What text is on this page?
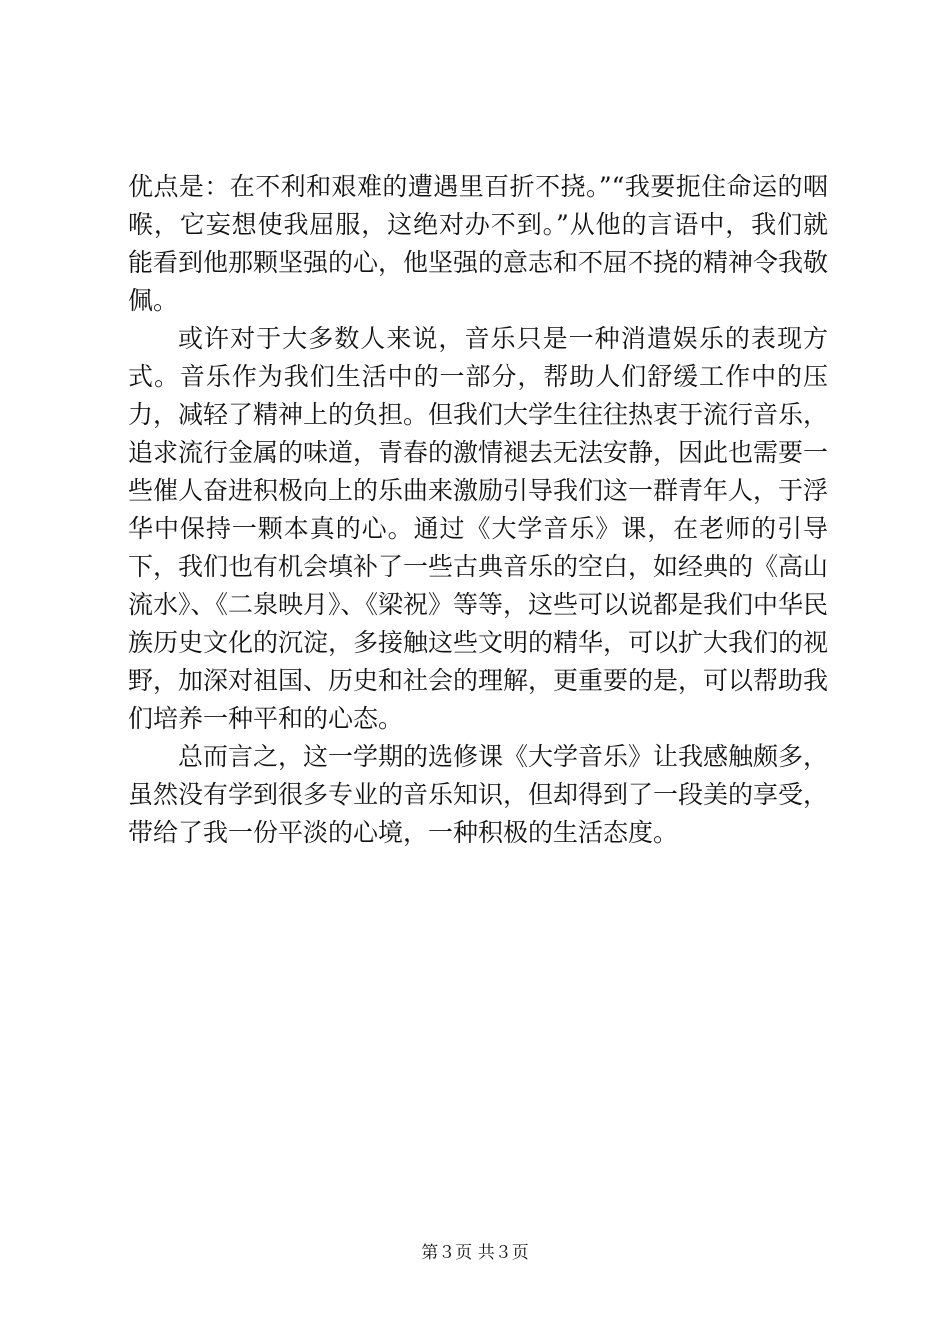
优点是：在不利和艰难的遭遇里百折不挠。”“我要扼住命运的咽喉，它妄想使我屈服，这绝对办不到。”从他的言语中，我们就能看到他那颗坚强的心，他坚强的意志和不屈不挠的精神令我敬佩。

或许对于大多数人来说，音乐只是一种消遣娱乐的表现方式。音乐作为我们生活中的一部分，帮助人们舒缓工作中的压力，减轻了精神上的负担。但我们大学生往往热衷于流行音乐，追求流行金属的味道，青春的激情褪去无法安静，因此也需要一些催人奋进积极向上的乐曲来激励引导我们这一群青年人，于浮华中保持一颗本真的心。通过《大学音乐》课，在老师的引导下，我们也有机会填补了一些古典音乐的空白，如经典的《高山流水》、《二泉映月》、《梁祝》等等，这些可以说都是我们中华民族历史文化的沉淀，多接触这些文明的精华，可以扩大我们的视野，加深对祖国、历史和社会的理解，更重要的是，可以帮助我们培养一种平和的心态。

总而言之，这一学期的选修课《大学音乐》让我感触颇多，虽然没有学到很多专业的音乐知识，但却得到了一段美的享受，带给了我一份平淡的心境，一种积极的生活态度。

第３页 共３页
